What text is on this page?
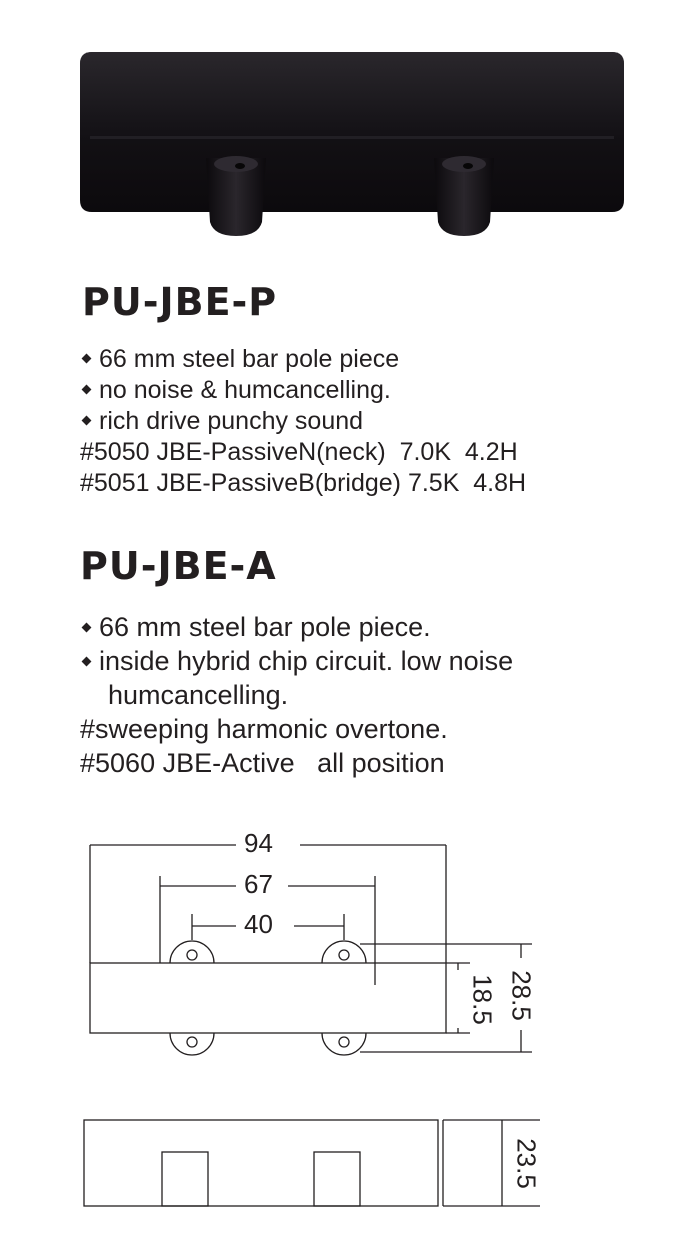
PU-JBE-P
66 mm steel bar pole piece
no noise & humcancelling.
rich drive punchy sound
#5050 JBE-PassiveN(neck)  7.0K  4.2H
#5051 JBE-PassiveB(bridge) 7.5K  4.8H
PU-JBE-A
66 mm steel bar pole piece.
inside hybrid chip circuit. low noise
humcancelling.
#sweeping harmonic overtone.
#5060 JBE-Active   all position
94
67
40
28.5
18.5
23.5
